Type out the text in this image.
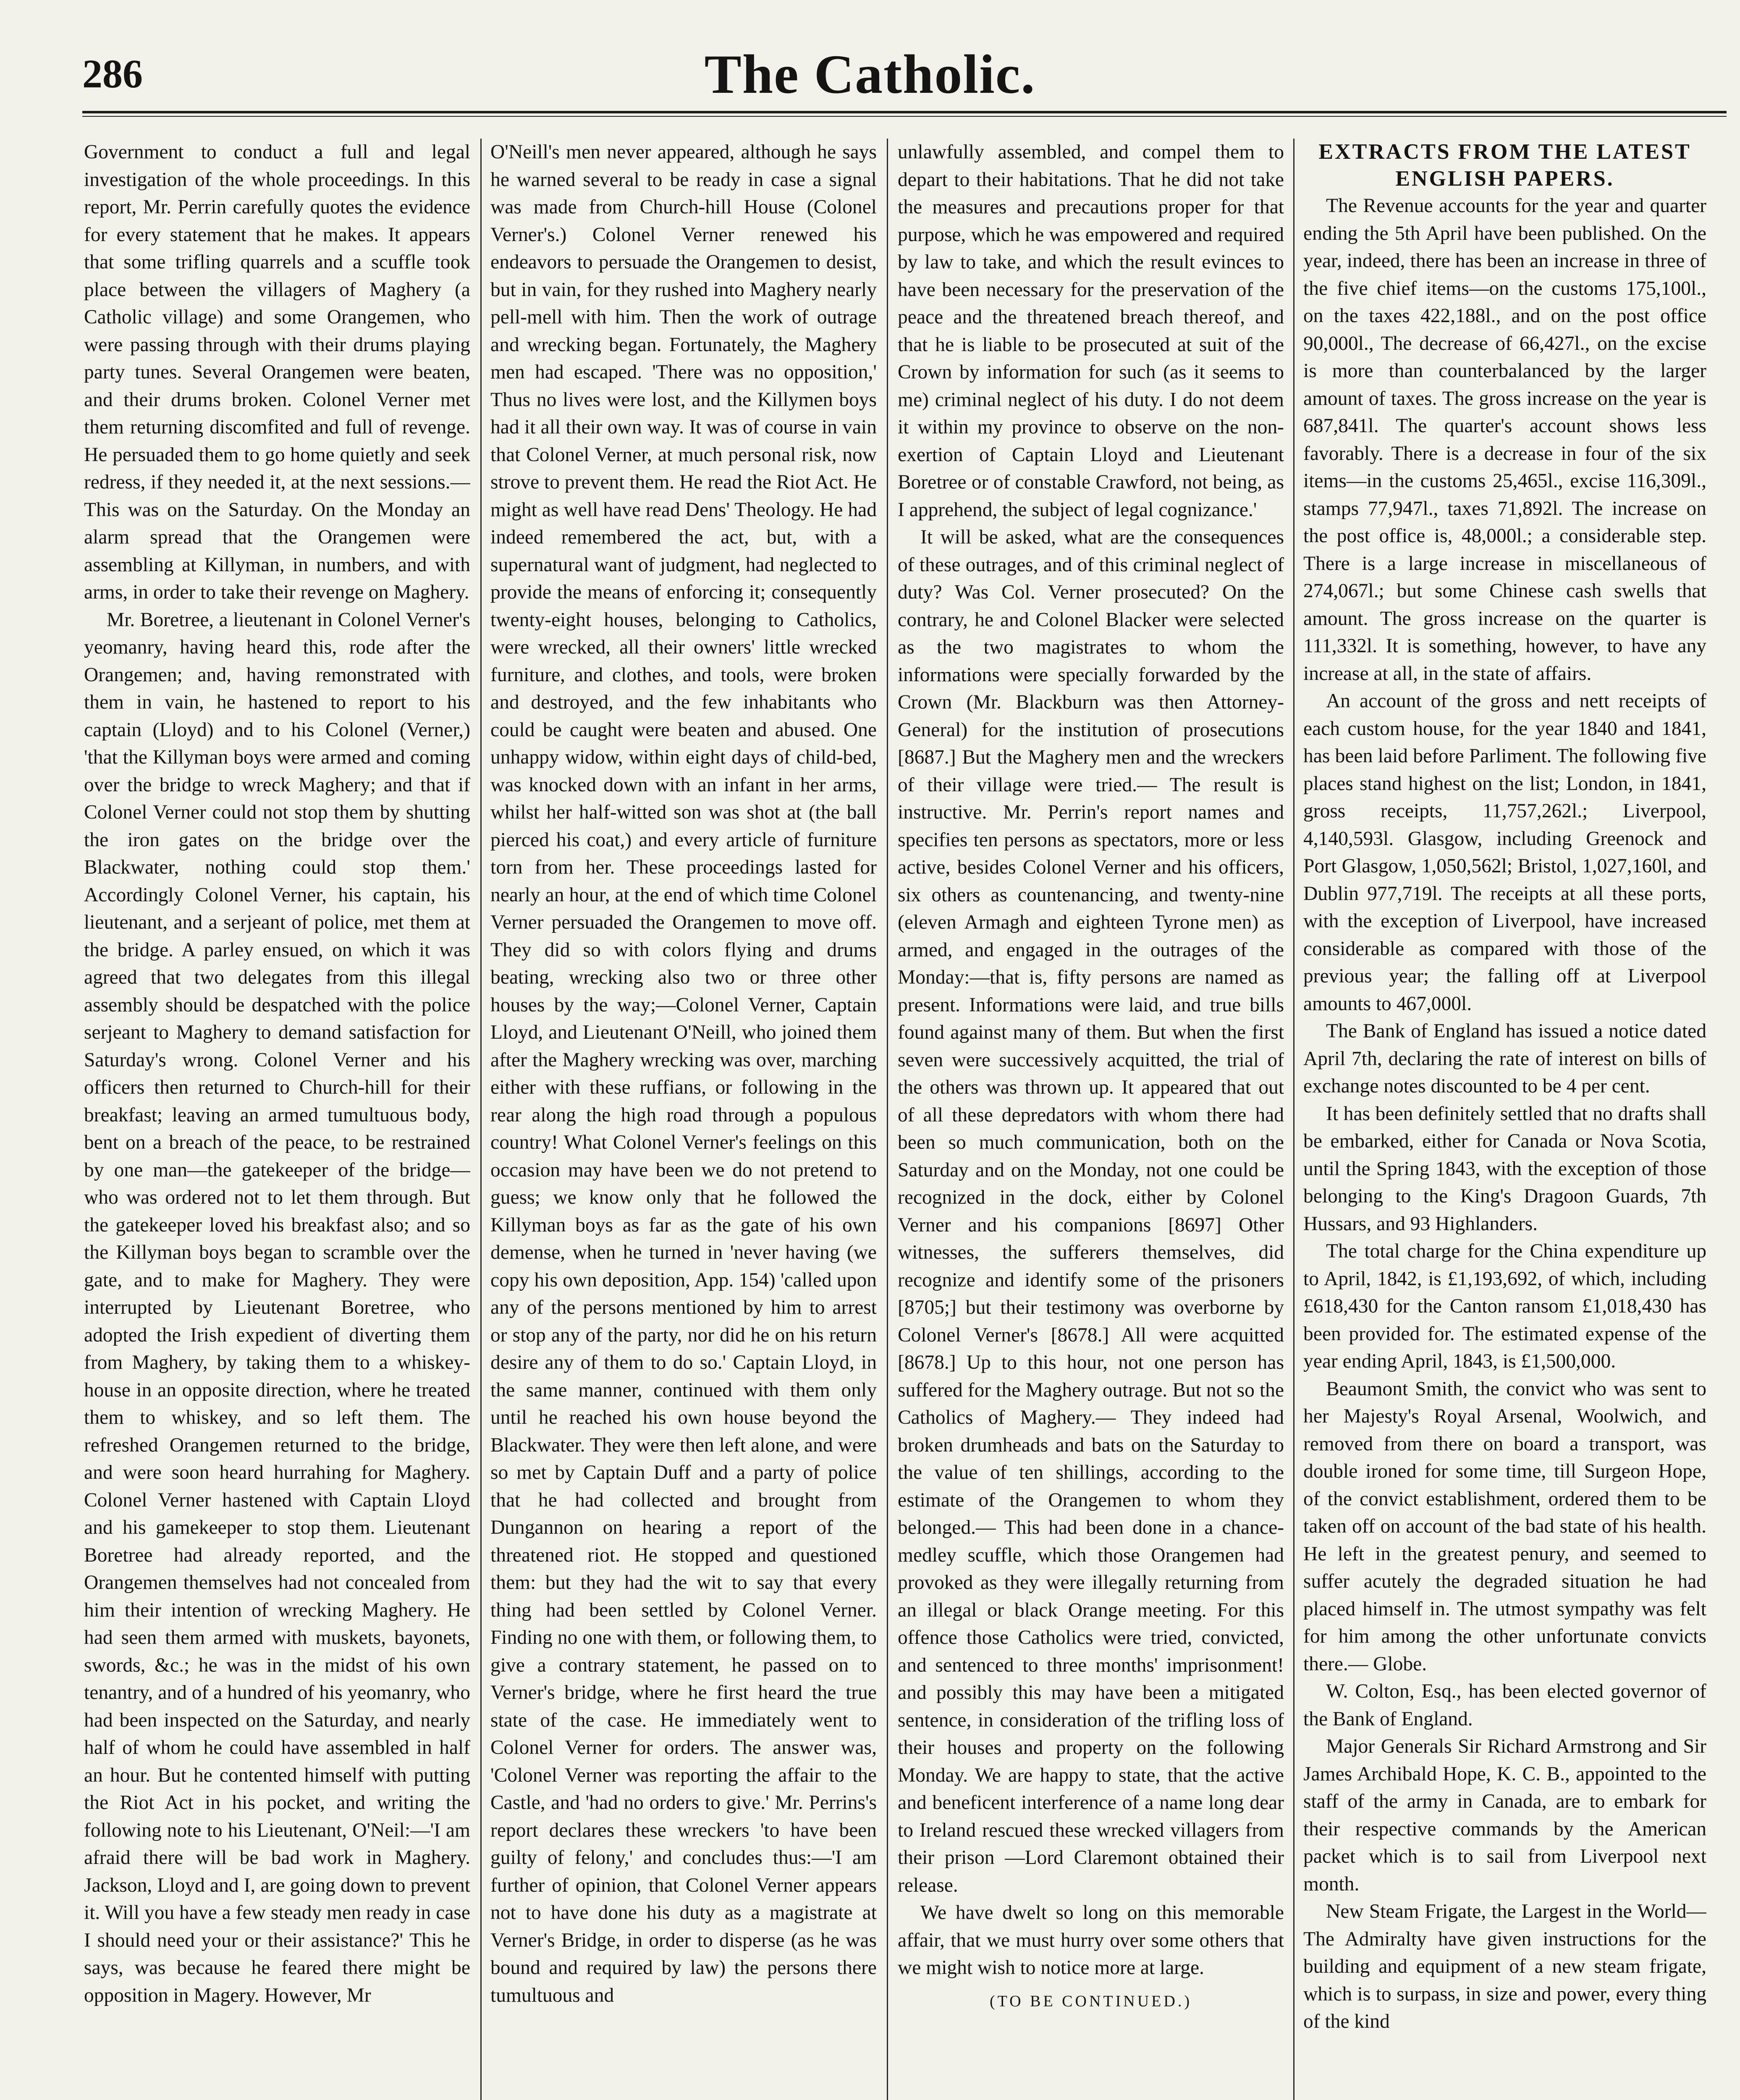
286	The Catholic.

Government to conduct a full and legal investigation of the whole proceedings. In this report, Mr. Perrin carefully quotes the evidence for every statement that he makes. It appears that some trifling quarrels and a scuffle took place between the villagers of Maghery (a Catholic village) and some Orangemen, who were passing through with their drums playing party tunes. Several Orangemen were beaten, and their drums broken. Colonel Verner met them returning discomfited and full of revenge. He persuaded them to go home quietly and seek redress, if they needed it, at the next sessions.— This was on the Saturday. On the Monday an alarm spread that the Orangemen were assembling at Killyman, in numbers, and with arms, in order to take their revenge on Maghery.

Mr. Boretree, a lieutenant in Colonel Verner's yeomanry, having heard this, rode after the Orangemen; and, having remonstrated with them in vain, he hastened to report to his captain (Lloyd) and to his Colonel (Verner,) 'that the Killyman boys were armed and coming over the bridge to wreck Maghery; and that if Colonel Verner could not stop them by shutting the iron gates on the bridge over the Blackwater, nothing could stop them.' Accordingly Colonel Verner, his captain, his lieutenant, and a serjeant of police, met them at the bridge. A parley ensued, on which it was agreed that two delegates from this illegal assembly should be despatched with the police serjeant to Maghery to demand satisfaction for Saturday's wrong. Colonel Verner and his officers then returned to Church-hill for their breakfast; leaving an armed tumultuous body, bent on a breach of the peace, to be restrained by one man—the gatekeeper of the bridge—who was ordered not to let them through. But the gatekeeper loved his breakfast also; and so the Killyman boys began to scramble over the gate, and to make for Maghery. They were interrupted by Lieutenant Boretree, who adopted the Irish expedient of diverting them from Maghery, by taking them to a whiskey-house in an opposite direction, where he treated them to whiskey, and so left them. The refreshed Orangemen returned to the bridge, and were soon heard hurrahing for Maghery. Colonel Verner hastened with Captain Lloyd and his gamekeeper to stop them. Lieutenant Boretree had already reported, and the Orangemen themselves had not concealed from him their intention of wrecking Maghery. He had seen them armed with muskets, bayonets, swords, &c.; he was in the midst of his own tenantry, and of a hundred of his yeomanry, who had been inspected on the Saturday, and nearly half of whom he could have assembled in half an hour. But he contented himself with putting the Riot Act in his pocket, and writing the following note to his Lieutenant, O'Neil:—'I am afraid there will be bad work in Maghery. Jackson, Lloyd and I, are going down to prevent it. Will you have a few steady men ready in case I should need your or their assistance?' This he says, was because he feared there might be opposition in Magery. However, Mr

O'Neill's men never appeared, although he says he warned several to be ready in case a signal was made from Church-hill House (Colonel Verner's.) Colonel Verner renewed his endeavors to persuade the Orangemen to desist, but in vain, for they rushed into Maghery nearly pell-mell with him. Then the work of outrage and wrecking began. Fortunately, the Maghery men had escaped. 'There was no opposition,' Thus no lives were lost, and the Killymen boys had it all their own way. It was of course in vain that Colonel Verner, at much personal risk, now strove to prevent them. He read the Riot Act. He might as well have read Dens' Theology. He had indeed remembered the act, but, with a supernatural want of judgment, had neglected to provide the means of enforcing it; consequently twenty-eight houses, belonging to Catholics, were wrecked, all their owners' little wrecked furniture, and clothes, and tools, were broken and destroyed, and the few inhabitants who could be caught were beaten and abused. One unhappy widow, within eight days of child-bed, was knocked down with an infant in her arms, whilst her half-witted son was shot at (the ball pierced his coat,) and every article of furniture torn from her. These proceedings lasted for nearly an hour, at the end of which time Colonel Verner persuaded the Orangemen to move off. They did so with colors flying and drums beating, wrecking also two or three other houses by the way;—Colonel Verner, Captain Lloyd, and Lieutenant O'Neill, who joined them after the Maghery wrecking was over, marching either with these ruffians, or following in the rear along the high road through a populous country! What Colonel Verner's feelings on this occasion may have been we do not pretend to guess; we know only that he followed the Killyman boys as far as the gate of his own demense, when he turned in 'never having (we copy his own deposition, App. 154) 'called upon any of the persons mentioned by him to arrest or stop any of the party, nor did he on his return desire any of them to do so.' Captain Lloyd, in the same manner, continued with them only until he reached his own house beyond the Blackwater. They were then left alone, and were so met by Captain Duff and a party of police that he had collected and brought from Dungannon on hearing a report of the threatened riot. He stopped and questioned them: but they had the wit to say that every thing had been settled by Colonel Verner. Finding no one with them, or following them, to give a contrary statement, he passed on to Verner's bridge, where he first heard the true state of the case. He immediately went to Colonel Verner for orders. The answer was, 'Colonel Verner was reporting the affair to the Castle, and 'had no orders to give.' Mr. Perrins's report declares these wreckers 'to have been guilty of felony,' and concludes thus:—'I am further of opinion, that Colonel Verner appears not to have done his duty as a magistrate at Verner's Bridge, in order to disperse (as he was bound and required by law) the persons there tumultuous and

unlawfully assembled, and compel them to depart to their habitations. That he did not take the measures and precautions proper for that purpose, which he was empowered and required by law to take, and which the result evinces to have been necessary for the preservation of the peace and the threatened breach thereof, and that he is liable to be prosecuted at suit of the Crown by information for such (as it seems to me) criminal neglect of his duty. I do not deem it within my province to observe on the non-exertion of Captain Lloyd and Lieutenant Boretree or of constable Crawford, not being, as I apprehend, the subject of legal cognizance.'

It will be asked, what are the consequences of these outrages, and of this criminal neglect of duty? Was Col. Verner prosecuted? On the contrary, he and Colonel Blacker were selected as the two magistrates to whom the informations were specially forwarded by the Crown (Mr. Blackburn was then Attorney-General) for the institution of prosecutions [8687.] But the Maghery men and the wreckers of their village were tried.— The result is instructive. Mr. Perrin's report names and specifies ten persons as spectators, more or less active, besides Colonel Verner and his officers, six others as countenancing, and twenty-nine (eleven Armagh and eighteen Tyrone men) as armed, and engaged in the outrages of the Monday:—that is, fifty persons are named as present. Informations were laid, and true bills found against many of them. But when the first seven were successively acquitted, the trial of the others was thrown up. It appeared that out of all these depredators with whom there had been so much communication, both on the Saturday and on the Monday, not one could be recognized in the dock, either by Colonel Verner and his companions [8697] Other witnesses, the sufferers themselves, did recognize and identify some of the prisoners [8705;] but their testimony was overborne by Colonel Verner's [8678.] All were acquitted [8678.] Up to this hour, not one person has suffered for the Maghery outrage. But not so the Catholics of Maghery.— They indeed had broken drumheads and bats on the Saturday to the value of ten shillings, according to the estimate of the Orangemen to whom they belonged.— This had been done in a chance-medley scuffle, which those Orangemen had provoked as they were illegally returning from an illegal or black Orange meeting. For this offence those Catholics were tried, convicted, and sentenced to three months' imprisonment! and possibly this may have been a mitigated sentence, in consideration of the trifling loss of their houses and property on the following Monday. We are happy to state, that the active and beneficent interference of a name long dear to Ireland rescued these wrecked villagers from their prison —Lord Claremont obtained their release.

We have dwelt so long on this memorable affair, that we must hurry over some others that we might wish to notice more at large.

(TO BE CONTINUED.)

EXTRACTS FROM THE LATEST ENGLISH PAPERS.

The Revenue accounts for the year and quarter ending the 5th April have been published. On the year, indeed, there has been an increase in three of the five chief items—on the customs 175,100l., on the taxes 422,188l., and on the post office 90,000l., The decrease of 66,427l., on the excise is more than counterbalanced by the larger amount of taxes. The gross increase on the year is 687,841l. The quarter's account shows less favorably. There is a decrease in four of the six items—in the customs 25,465l., excise 116,309l., stamps 77,947l., taxes 71,892l. The increase on the post office is, 48,000l.; a considerable step. There is a large increase in miscellaneous of 274,067l.; but some Chinese cash swells that amount. The gross increase on the quarter is 111,332l. It is something, however, to have any increase at all, in the state of affairs.

An account of the gross and nett receipts of each custom house, for the year 1840 and 1841, has been laid before Parliment. The following five places stand highest on the list; London, in 1841, gross receipts, 11,757,262l.; Liverpool, 4,140,593l. Glasgow, including Greenock and Port Glasgow, 1,050,562l; Bristol, 1,027,160l, and Dublin 977,719l. The receipts at all these ports, with the exception of Liverpool, have increased considerable as compared with those of the previous year; the falling off at Liverpool amounts to 467,000l.

The Bank of England has issued a notice dated April 7th, declaring the rate of interest on bills of exchange notes discounted to be 4 per cent.

It has been definitely settled that no drafts shall be embarked, either for Canada or Nova Scotia, until the Spring 1843, with the exception of those belonging to the King's Dragoon Guards, 7th Hussars, and 93 Highlanders.

The total charge for the China expenditure up to April, 1842, is £1,193,692, of which, including £618,430 for the Canton ransom £1,018,430 has been provided for. The estimated expense of the year ending April, 1843, is £1,500,000.

Beaumont Smith, the convict who was sent to her Majesty's Royal Arsenal, Woolwich, and removed from there on board a transport, was double ironed for some time, till Surgeon Hope, of the convict establishment, ordered them to be taken off on account of the bad state of his health. He left in the greatest penury, and seemed to suffer acutely the degraded situation he had placed himself in. The utmost sympathy was felt for him among the other unfortunate convicts there.— Globe.

W. Colton, Esq., has been elected governor of the Bank of England.

Major Generals Sir Richard Armstrong and Sir James Archibald Hope, K. C. B., appointed to the staff of the army in Canada, are to embark for their respective commands by the American packet which is to sail from Liverpool next month.

New Steam Frigate, the Largest in the World—The Admiralty have given instructions for the building and equipment of a new steam frigate, which is to surpass, in size and power, every thing of the kind
